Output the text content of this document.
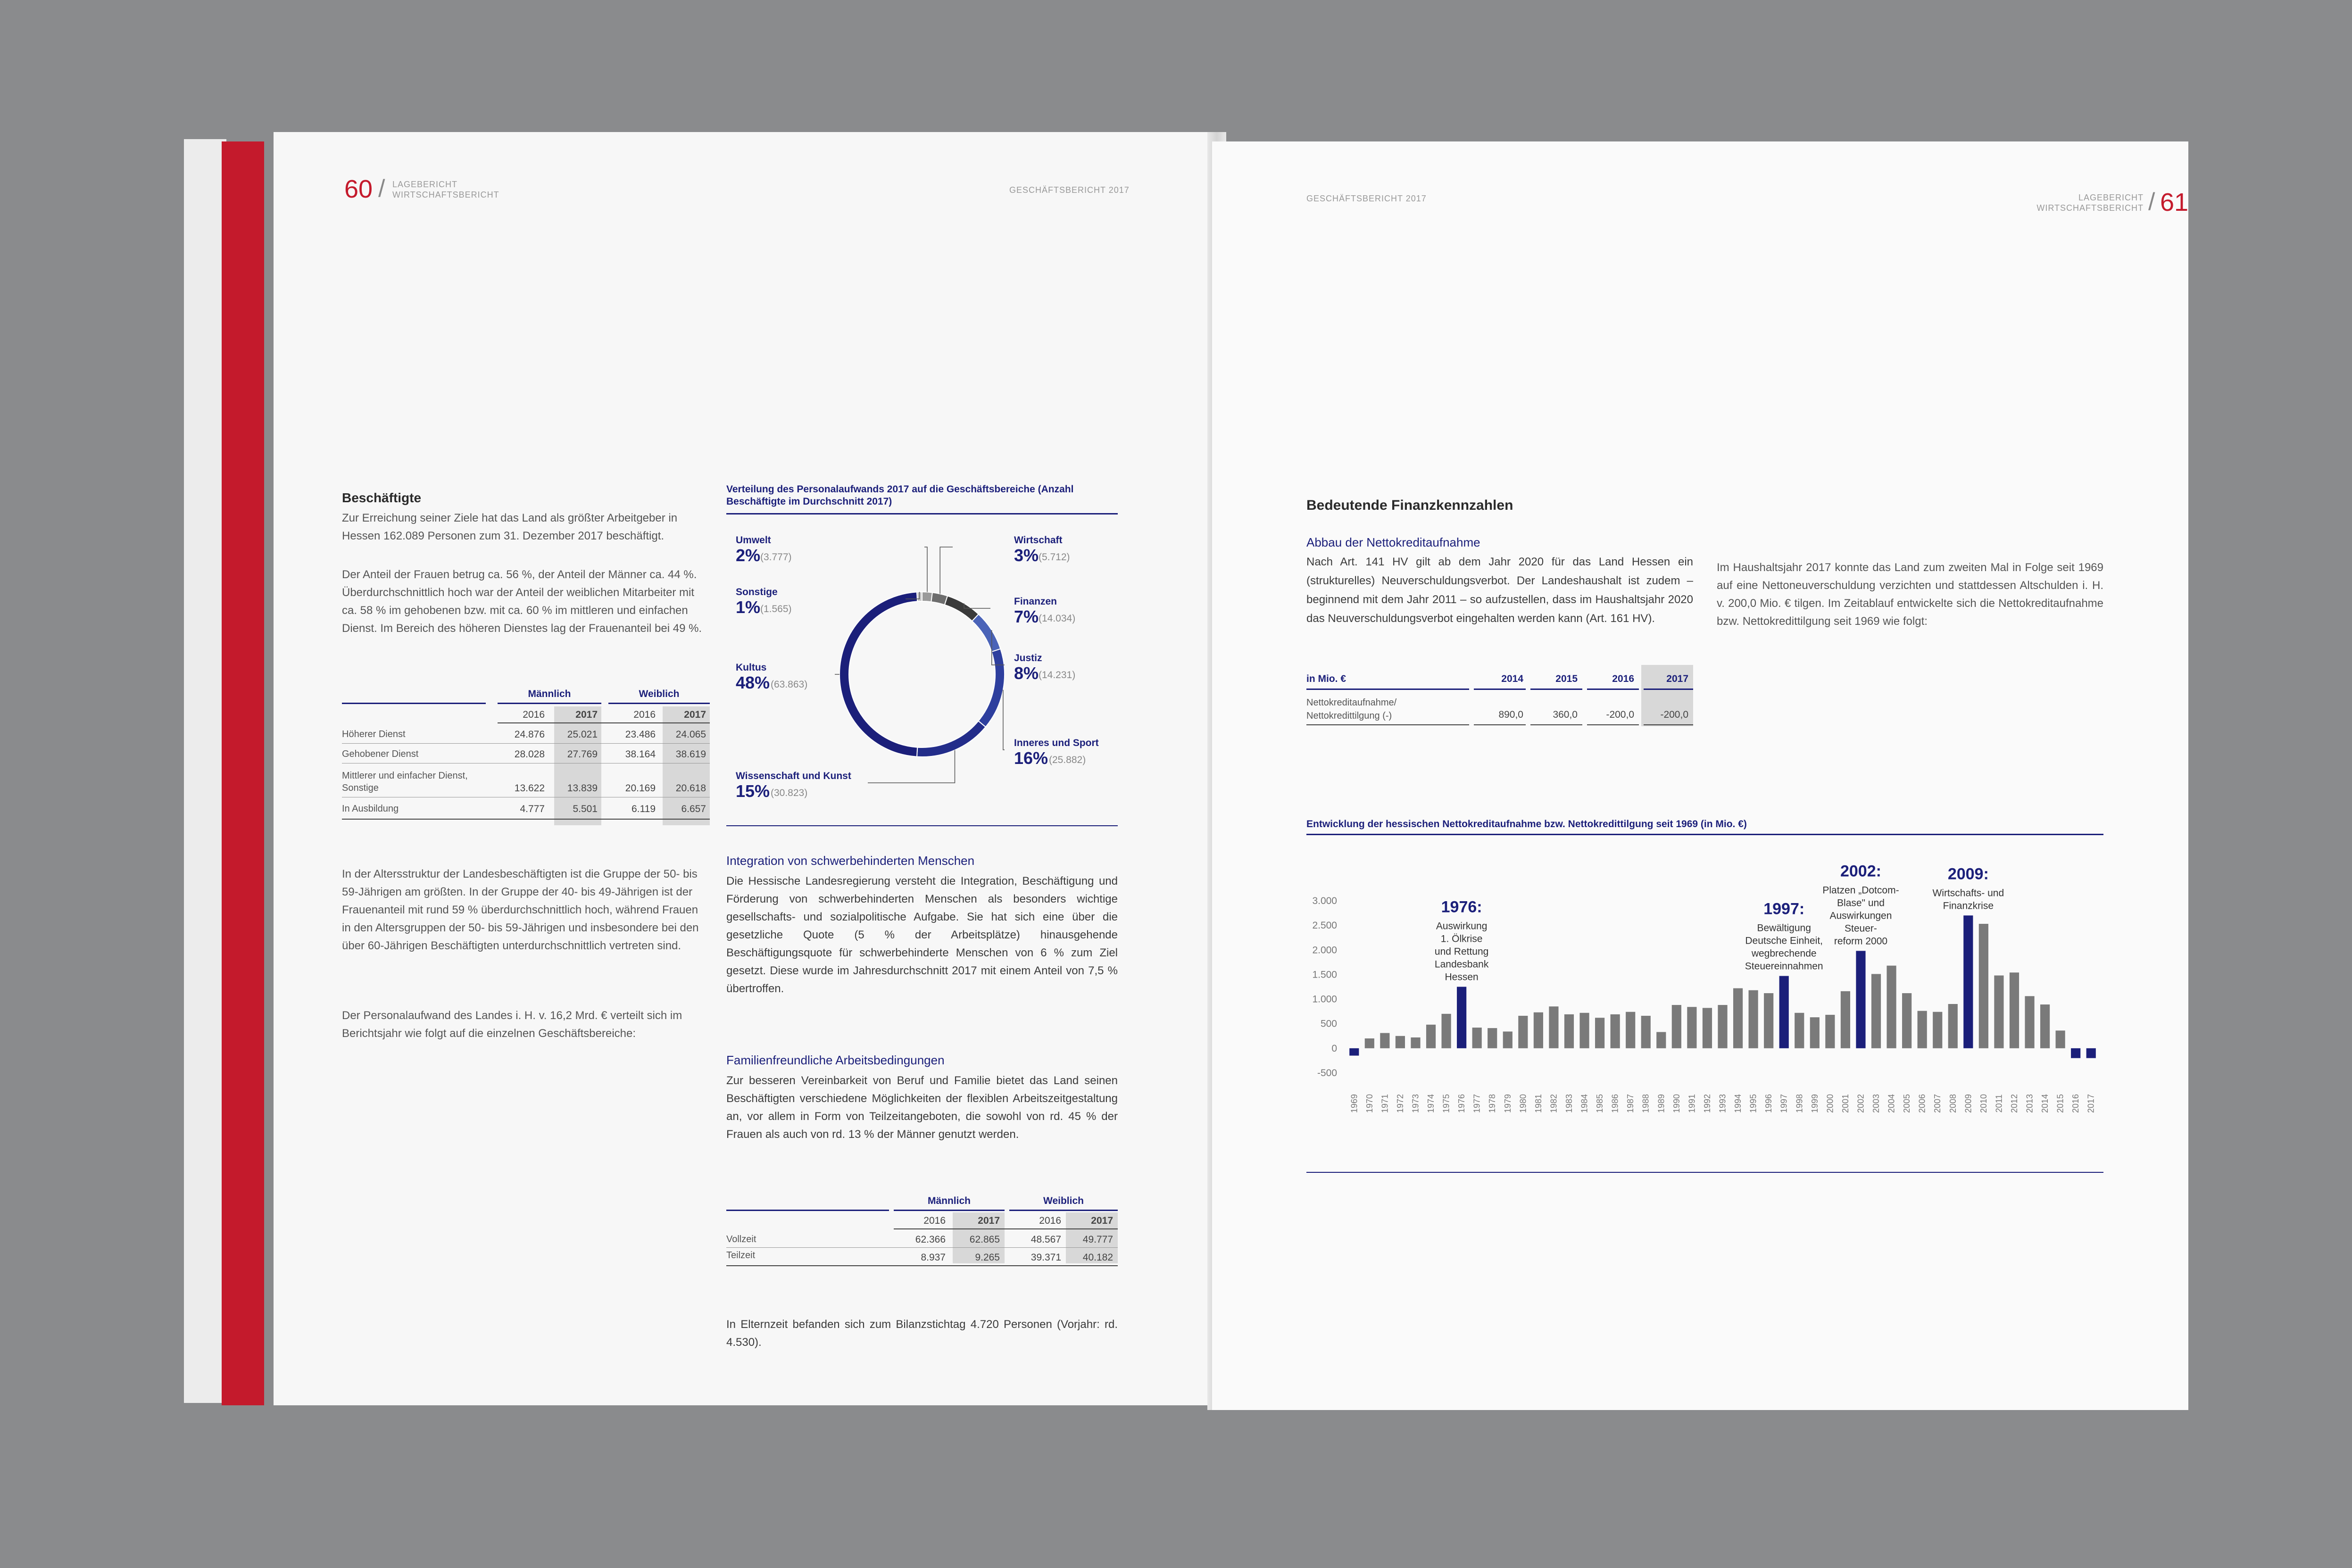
60 / LAGEBERICHT
WIRTSCHAFTSBERICHT	GESCHÄFTSBERICHT 2017
Beschäftigte
Zur Erreichung seiner Ziele hat das Land als größter Arbeitgeber in Hessen 162.089 Personen zum 31. Dezember 2017 beschäftigt.
Der Anteil der Frauen betrug ca. 56 %, der Anteil der Männer ca. 44 %. Überdurchschnittlich hoch war der Anteil der weiblichen Mitarbeiter mit ca. 58 % im gehobenen bzw. mit ca. 60 % im mittleren und einfachen Dienst. Im Bereich des höheren Dienstes lag der Frauenanteil bei 49 %.
Männlich	Weiblich
2016	2017	2016	2017
Höherer Dienst	24.876	25.021	23.486	24.065
Gehobener Dienst	28.028	27.769	38.164	38.619
Mittlerer und einfacher Dienst, Sonstige	13.622	13.839	20.169	20.618
In Ausbildung	4.777	5.501	6.119	6.657
In der Altersstruktur der Landesbeschäftigten ist die Gruppe der 50- bis 59-Jährigen am größten. In der Gruppe der 40- bis 49-Jährigen ist der Frauenanteil mit rund 59 % überdurchschnittlich hoch, während Frauen in den Altersgruppen der 50- bis 59-Jährigen und insbesondere bei den über 60-Jährigen Beschäftigten unterdurchschnittlich vertreten sind.
Der Personalaufwand des Landes i. H. v. 16,2 Mrd. € verteilt sich im Berichtsjahr wie folgt auf die einzelnen Geschäftsbereiche:
Verteilung des Personalaufwands 2017 auf die Geschäftsbereiche (Anzahl Beschäftigte im Durchschnitt 2017)
Umwelt
2% (3.777)
Wirtschaft
3% (5.712)
Finanzen
7% (14.034)
Justiz
8% (14.231)
Inneres und Sport
16% (25.882)
Wissenschaft und Kunst
15% (30.823)
Kultus
48% (63.863)
Sonstige
1% (1.565)
Integration von schwerbehinderten Menschen
Die Hessische Landesregierung versteht die Integration, Beschäftigung und Förderung von schwerbehinderten Menschen als besonders wichtige gesellschafts- und sozialpolitische Aufgabe. Sie hat sich eine über die gesetzliche Quote (5 % der Arbeitsplätze) hinausgehende Beschäftigungsquote für schwerbehinderte Menschen von 6 % zum Ziel gesetzt. Diese wurde im Jahresdurchschnitt 2017 mit einem Anteil von 7,5 % übertroffen.
Familienfreundliche Arbeitsbedingungen
Zur besseren Vereinbarkeit von Beruf und Familie bietet das Land seinen Beschäftigten verschiedene Möglichkeiten der flexiblen Arbeitszeitgestaltung an, vor allem in Form von Teilzeitangeboten, die sowohl von rd. 45 % der Frauen als auch von rd. 13 % der Männer genutzt werden.
Männlich	Weiblich
2016	2017	2016	2017
Vollzeit	62.366	62.865	48.567	49.777
Teilzeit	8.937	9.265	39.371	40.182
In Elternzeit befanden sich zum Bilanzstichtag 4.720 Personen (Vorjahr: rd. 4.530).
GESCHÄFTSBERICHT 2017	LAGEBERICHT
WIRTSCHAFTSBERICHT / 61
Bedeutende Finanzkennzahlen
Abbau der Nettokreditaufnahme
Nach Art. 141 HV gilt ab dem Jahr 2020 für das Land Hessen ein (strukturelles) Neuverschuldungsverbot. Der Landeshaushalt ist zudem – beginnend mit dem Jahr 2011 – so aufzustellen, dass im Haushaltsjahr 2020 das Neuverschuldungsverbot eingehalten werden kann (Art. 161 HV).
Im Haushaltsjahr 2017 konnte das Land zum zweiten Mal in Folge seit 1969 auf eine Nettoneuverschuldung verzichten und stattdessen Altschulden i. H. v. 200,0 Mio. € tilgen. Im Zeitablauf entwickelte sich die Nettokreditaufnahme bzw. Nettokredittilgung seit 1969 wie folgt:
in Mio. €	2014	2015	2016	2017
Nettokreditaufnahme/
Nettokredittilgung (-)	890,0	360,0	-200,0	-200,0
Entwicklung der hessischen Nettokreditaufnahme bzw. Nettokredittilgung seit 1969 (in Mio. €)
3.000
2.500
2.000
1.500
1.000
500
0
-500
1969 1970 1971 1972 1973 1974 1975 1976 1977 1978 1979 1980 1981 1982 1983 1984 1985 1986 1987 1988 1989 1990 1991 1992 1993 1994 1995 1996 1997 1998 1999 2000 2001 2002 2003 2004 2005 2006 2007 2008 2009 2010 2011 2012 2013 2014 2015 2016 2017
1976:
Auswirkung
1. Ölkrise
und Rettung
Landesbank
Hessen
1997:
Bewältigung
Deutsche Einheit,
wegbrechende
Steuereinnahmen
2002:
Platzen „Dotcom-
Blase" und
Auswirkungen
Steuer-
reform 2000
2009:
Wirtschafts- und
Finanzkrise
